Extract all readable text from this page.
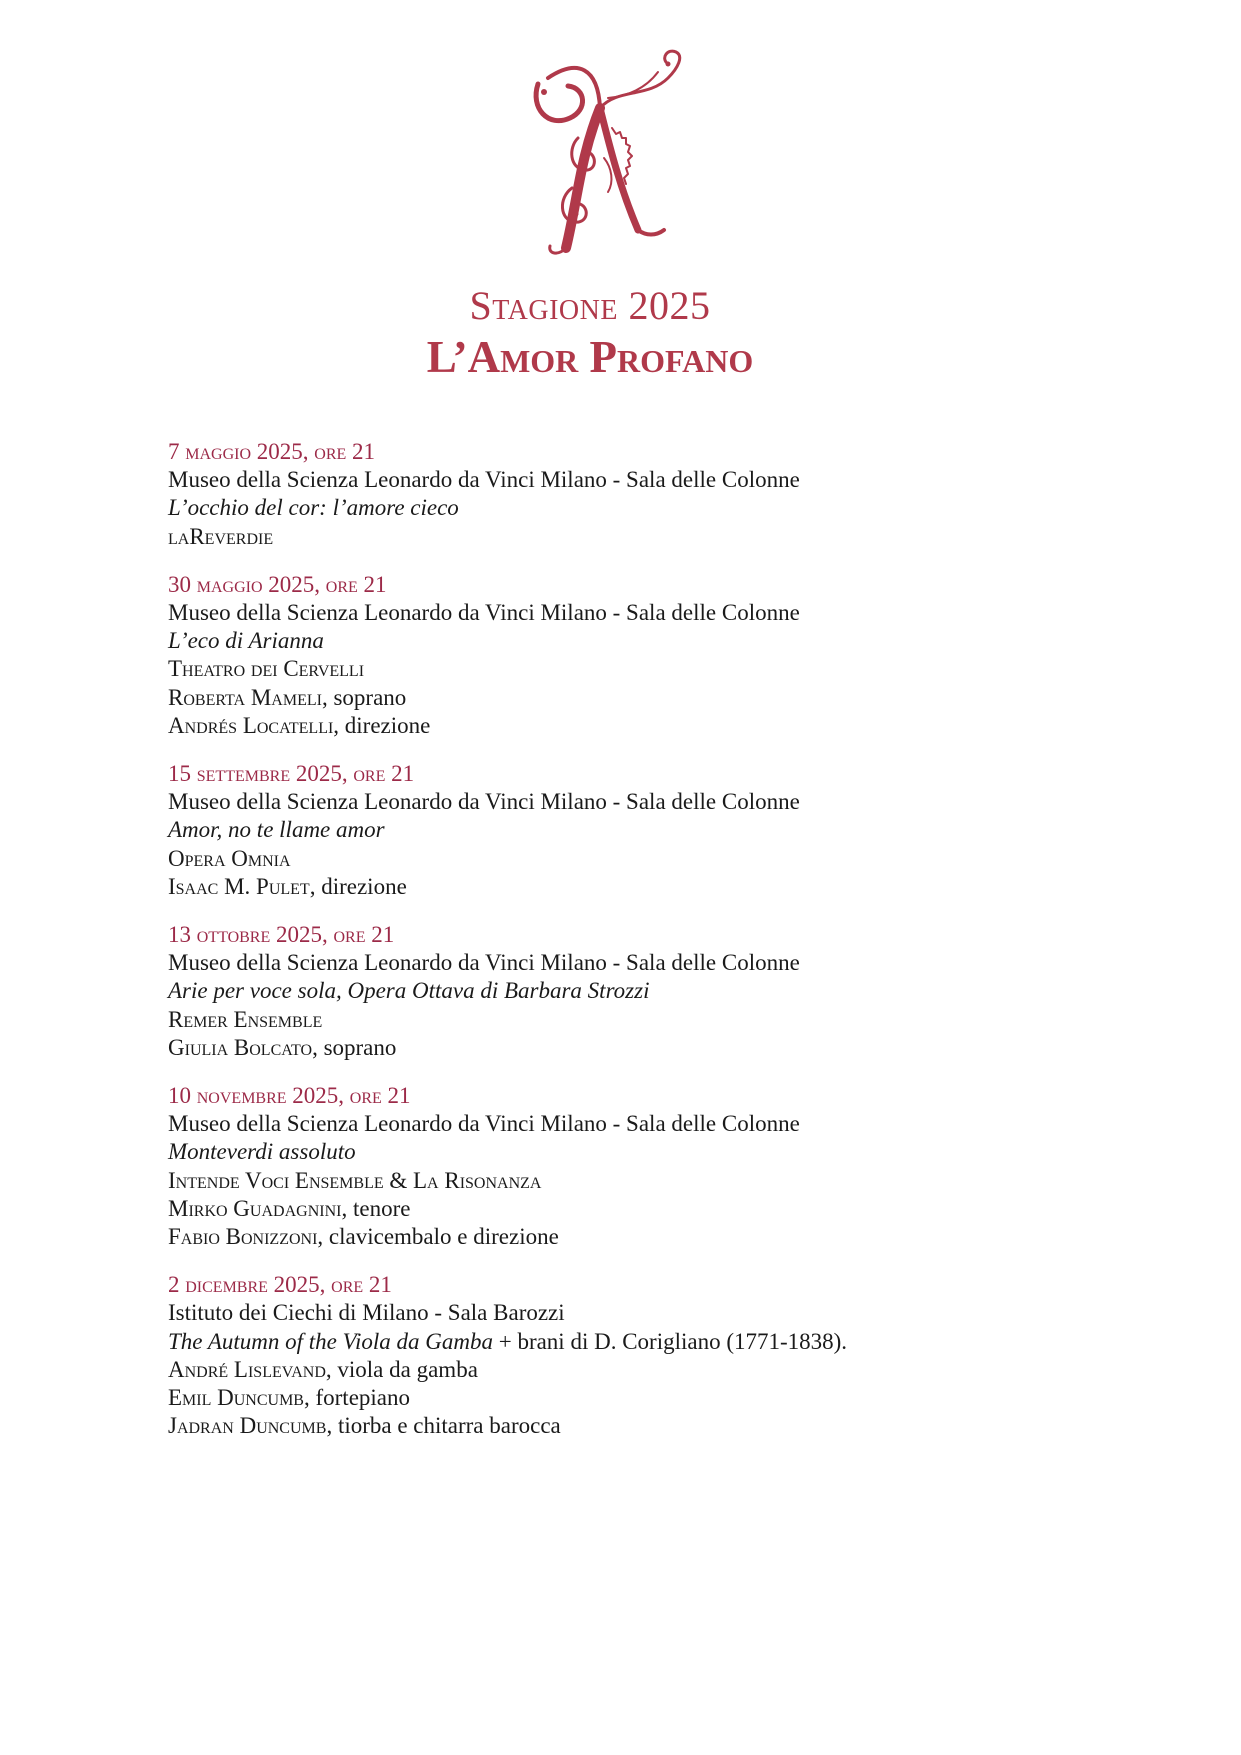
Stagione 2025
L’Amor Profano
7 maggio 2025, ore 21
Museo della Scienza Leonardo da Vinci Milano - Sala delle Colonne
L’occhio del cor: l’amore cieco
laReverdie
30 maggio 2025, ore 21
Museo della Scienza Leonardo da Vinci Milano - Sala delle Colonne
L’eco di Arianna
Theatro dei Cervelli
Roberta Mameli, soprano
Andrés Locatelli, direzione
15 settembre 2025, ore 21
Museo della Scienza Leonardo da Vinci Milano - Sala delle Colonne
Amor, no te llame amor
Opera Omnia
Isaac M. Pulet, direzione
13 ottobre 2025, ore 21
Museo della Scienza Leonardo da Vinci Milano - Sala delle Colonne
Arie per voce sola, Opera Ottava di Barbara Strozzi
Remer Ensemble
Giulia Bolcato, soprano
10 novembre 2025, ore 21
Museo della Scienza Leonardo da Vinci Milano - Sala delle Colonne
Monteverdi assoluto
Intende Voci Ensemble & La Risonanza
Mirko Guadagnini, tenore
Fabio Bonizzoni, clavicembalo e direzione
2 dicembre 2025, ore 21
Istituto dei Ciechi di Milano - Sala Barozzi
The Autumn of the Viola da Gamba + brani di D. Corigliano (1771-1838).
André Lislevand, viola da gamba
Emil Duncumb, fortepiano
Jadran Duncumb, tiorba e chitarra barocca
